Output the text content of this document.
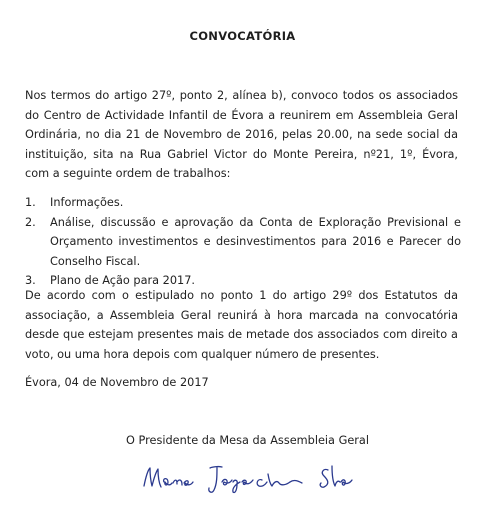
CONVOCATÓRIA

Nos termos do artigo 27º, ponto 2, alínea b), convoco todos os associados do Centro de Actividade Infantil de Évora a reunirem em Assembleia Geral Ordinária, no dia 21 de Novembro de 2016, pelas 20.00, na sede social da instituição, sita na Rua Gabriel Victor do Monte Pereira, nº21, 1º, Évora, com a seguinte ordem de trabalhos:

1. Informações.
2. Análise, discussão e aprovação da Conta de Exploração Previsional e Orçamento investimentos e desinvestimentos para 2016 e Parecer do Conselho Fiscal.
3. Plano de Ação para 2017.

De acordo com o estipulado no ponto 1 do artigo 29º dos Estatutos da associação, a Assembleia Geral reunirá à hora marcada na convocatória desde que estejam presentes mais de metade dos associados com direito a voto, ou uma hora depois com qualquer número de presentes.

Évora, 04 de Novembro de 2017
O Presidente da Mesa da Assembleia Geral
